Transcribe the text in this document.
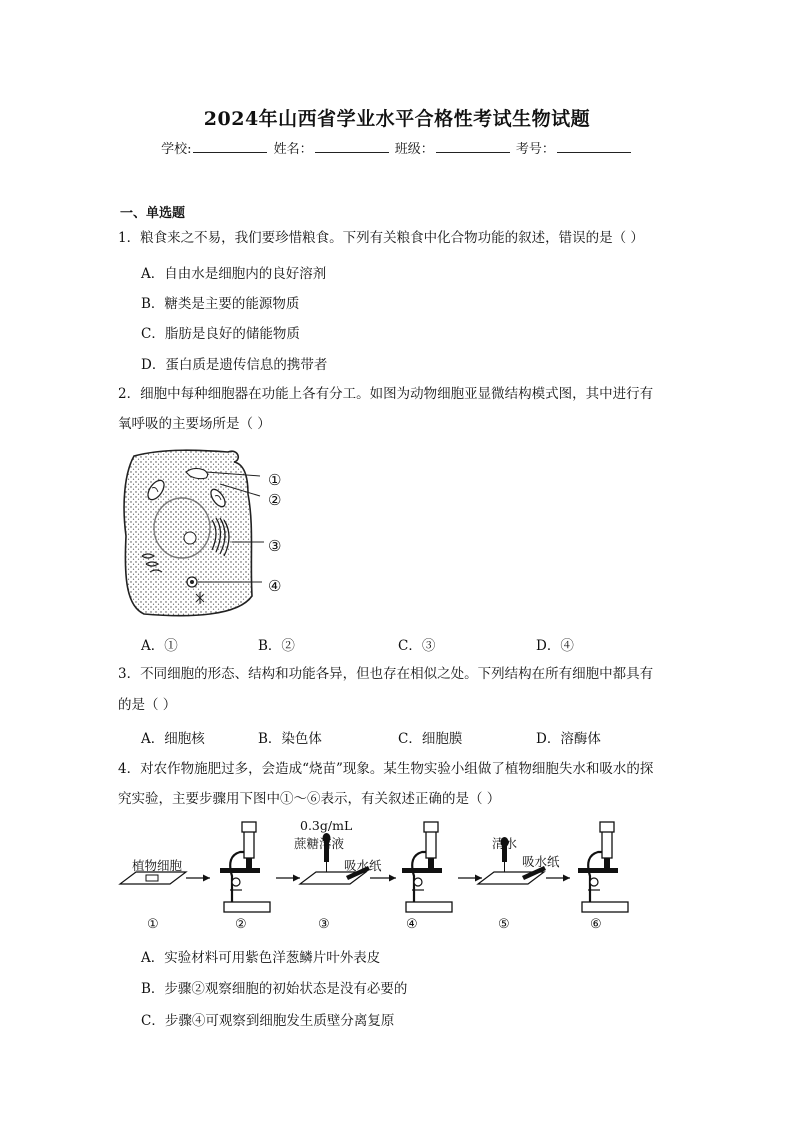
2024年山西省学业水平合格性考试生物试题
学校:	姓名：	班级：	考号：
一、单选题
1．粮食来之不易，我们要珍惜粮食。下列有关粮食中化合物功能的叙述，错误的是（ ）
A．自由水是细胞内的良好溶剂
B．糖类是主要的能源物质
C．脂肪是良好的储能物质
D．蛋白质是遗传信息的携带者
2．细胞中每种细胞器在功能上各有分工。如图为动物细胞亚显微结构模式图，其中进行有
氧呼吸的主要场所是（ ）
①
②
③
④
A．①	B．②	C．③	D．④
3．不同细胞的形态、结构和功能各异，但也存在相似之处。下列结构在所有细胞中都具有
的是（ ）
A．细胞核	B．染色体	C．细胞膜	D．溶酶体
4．对农作物施肥过多，会造成“烧苗”现象。某生物实验小组做了植物细胞失水和吸水的探
究实验，主要步骤用下图中①～⑥表示，有关叙述正确的是（ ）
植物细胞
0.3g/mL
蔗糖溶液
吸水纸
清水
吸水纸
①	②	③	④	⑤	⑥
A．实验材料可用紫色洋葱鳞片叶外表皮
B．步骤②观察细胞的初始状态是没有必要的
C．步骤④可观察到细胞发生质壁分离复原
